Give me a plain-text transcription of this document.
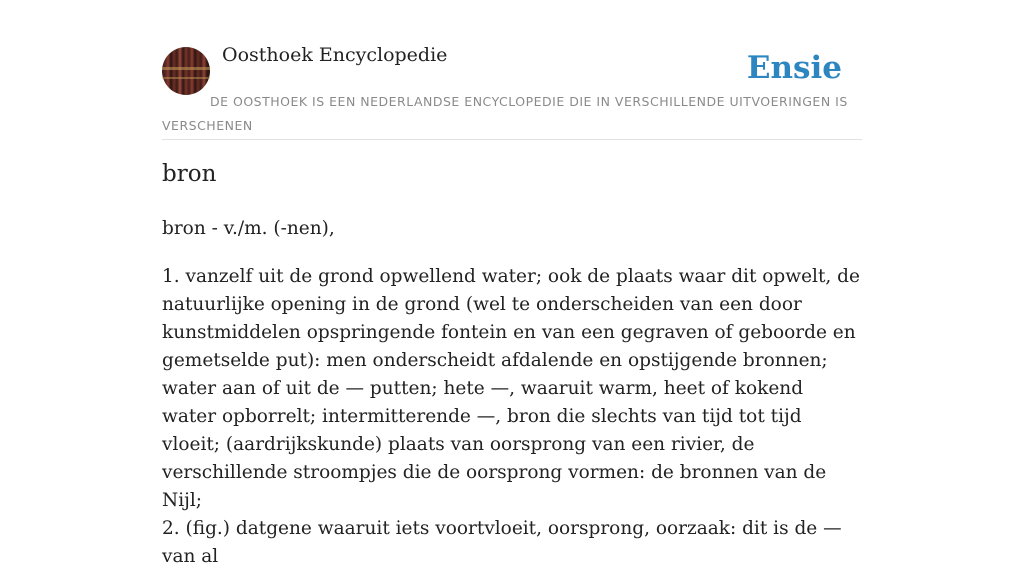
Oosthoek Encyclopedie	Ensie
DE OOSTHOEK IS EEN NEDERLANDSE ENCYCLOPEDIE DIE IN VERSCHILLENDE UITVOERINGEN IS VERSCHENEN
bron
bron - v./m. (-nen),

1. vanzelf uit de grond opwellend water; ook de plaats waar dit opwelt, de natuurlijke opening in de grond (wel te onderscheiden van een door kunstmiddelen opspringende fontein en van een gegraven of geboorde en gemetselde put): men onderscheidt afdalende en opstijgende bronnen; water aan of uit de — putten; hete —, waaruit warm, heet of kokend water opborrelt; intermitterende —, bron die slechts van tijd tot tijd vloeit; (aardrijkskunde) plaats van oorsprong van een rivier, de verschillende stroompjes die de oorsprong vormen: de bronnen van de Nijl;

2. (fig.) datgene waaruit iets voortvloeit, oorsprong, oorzaak: dit is de — van al
